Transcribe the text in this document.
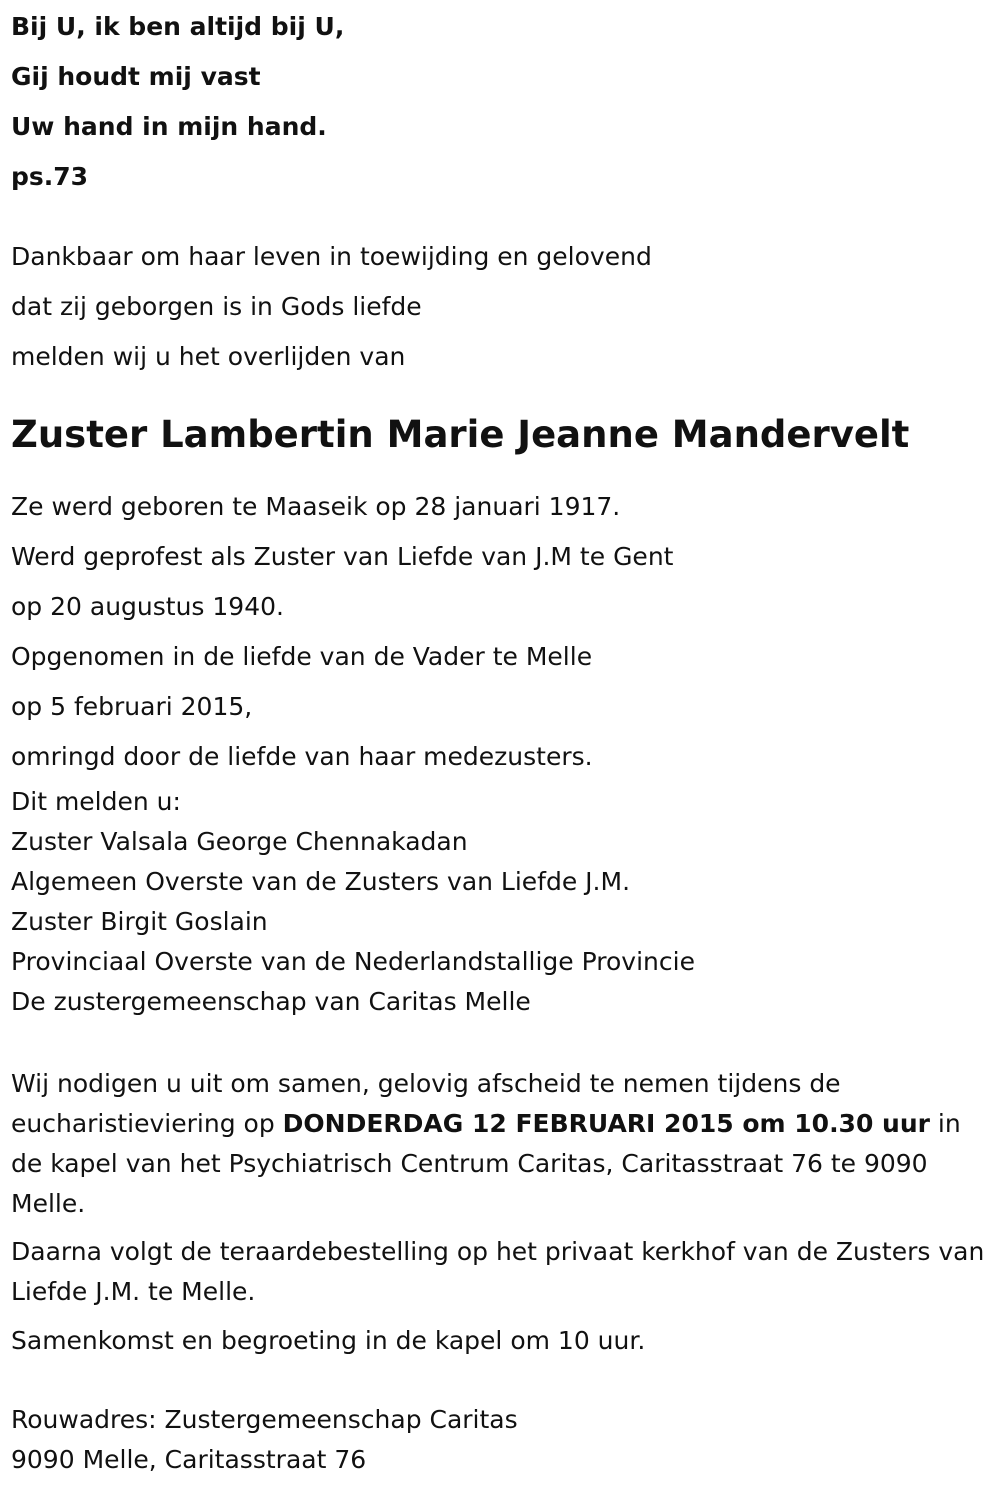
Bij U, ik ben altijd bij U,

Gij houdt mij vast

Uw hand in mijn hand.

ps.73

Dankbaar om haar leven in toewijding en gelovend

dat zij geborgen is in Gods liefde

melden wij u het overlijden van

Zuster Lambertin Marie Jeanne Mandervelt

Ze werd geboren te Maaseik op 28 januari 1917.

Werd geprofest als Zuster van Liefde van J.M te Gent

op 20 augustus 1940.

Opgenomen in de liefde van de Vader te Melle

op 5 februari 2015,

omringd door de liefde van haar medezusters.

Dit melden u:

Zuster Valsala George Chennakadan

Algemeen Overste van de Zusters van Liefde J.M.

Zuster Birgit Goslain

Provinciaal Overste van de Nederlandstallige Provincie

De zustergemeenschap van Caritas Melle

Wij nodigen u uit om samen, gelovig afscheid te nemen tijdens de eucharistieviering op DONDERDAG 12 FEBRUARI 2015 om 10.30 uur in de kapel van het Psychiatrisch Centrum Caritas, Caritasstraat 76 te 9090 Melle.

Daarna volgt de teraardebestelling op het privaat kerkhof van de Zusters van Liefde J.M. te Melle.

Samenkomst en begroeting in de kapel om 10 uur.

Rouwadres: Zustergemeenschap Caritas

9090 Melle, Caritasstraat 76
